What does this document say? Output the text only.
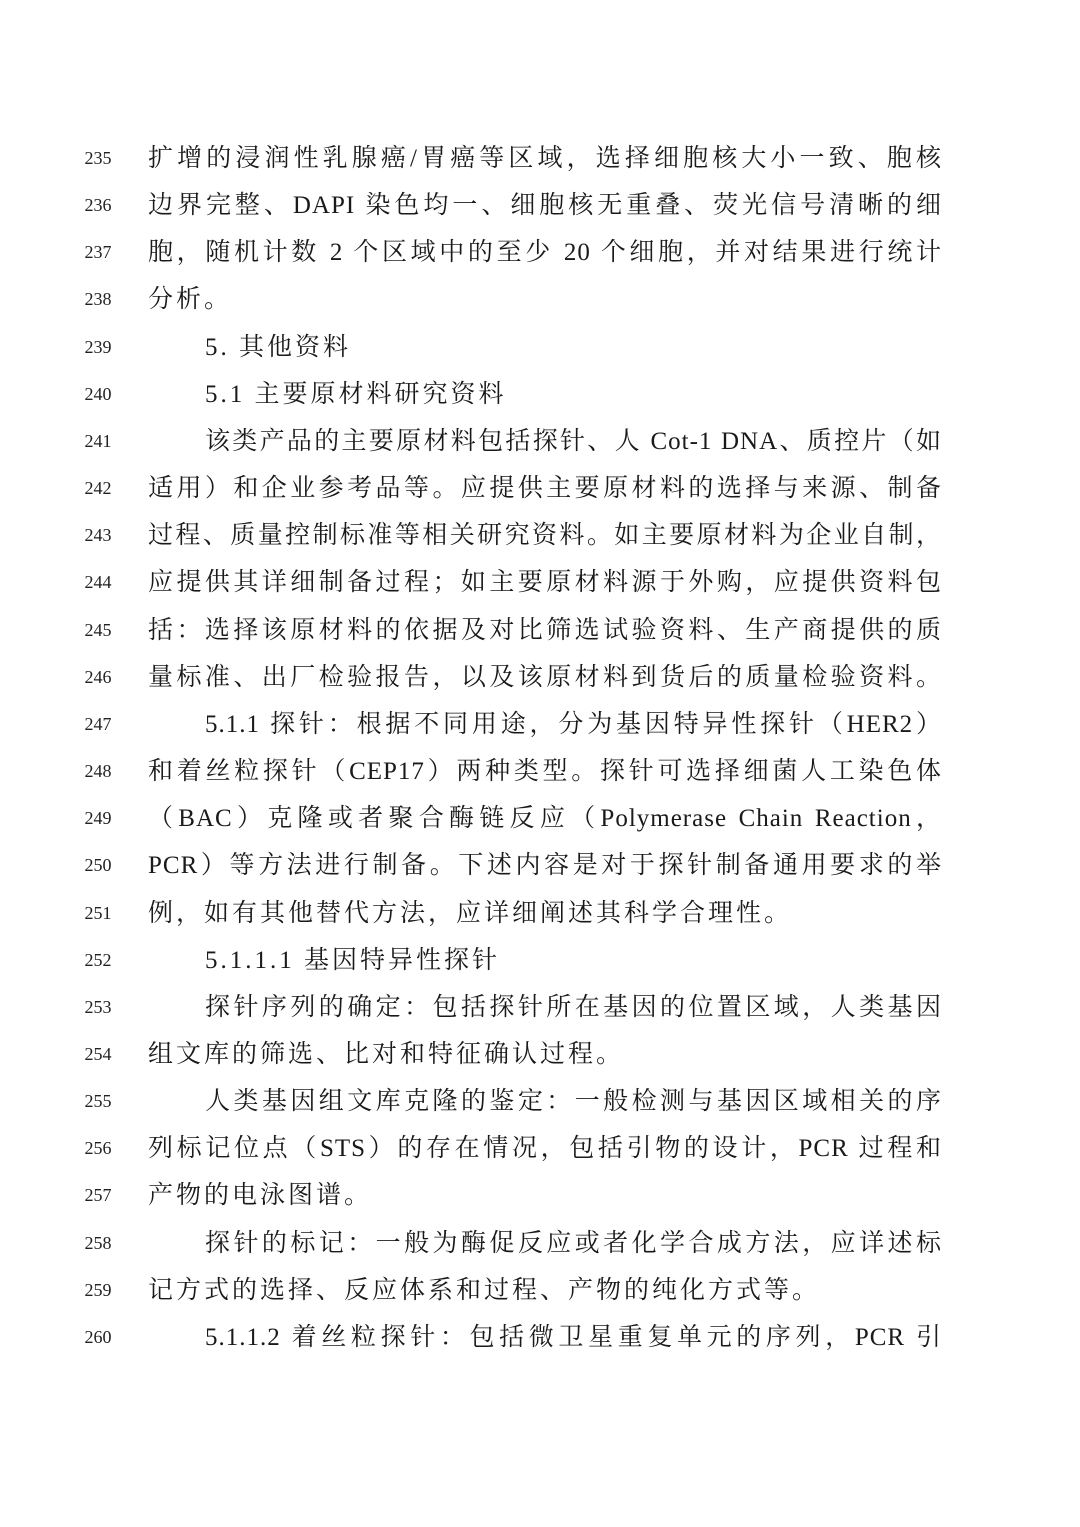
235 扩增的浸润性乳腺癌/胃癌等区域，选择细胞核大小一致、胞核
236 边界完整、DAPI 染色均一、细胞核无重叠、荧光信号清晰的细
237 胞，随机计数 2 个区域中的至少 20 个细胞，并对结果进行统计
238 分析。
239	5. 其他资料
240	5.1 主要原材料研究资料
241	该类产品的主要原材料包括探针、人 Cot-1 DNA、质控片（如
242 适用）和企业参考品等。应提供主要原材料的选择与来源、制备
243 过程、质量控制标准等相关研究资料。如主要原材料为企业自制，
244 应提供其详细制备过程；如主要原材料源于外购，应提供资料包
245 括：选择该原材料的依据及对比筛选试验资料、生产商提供的质
246 量标准、出厂检验报告，以及该原材料到货后的质量检验资料。
247	5.1.1 探针：根据不同用途，分为基因特异性探针（HER2）
248 和着丝粒探针（CEP17）两种类型。探针可选择细菌人工染色体
249 （BAC）克隆或者聚合酶链反应（Polymerase Chain Reaction，
250 PCR）等方法进行制备。下述内容是对于探针制备通用要求的举
251 例，如有其他替代方法，应详细阐述其科学合理性。
252	5.1.1.1 基因特异性探针
253	探针序列的确定：包括探针所在基因的位置区域，人类基因
254 组文库的筛选、比对和特征确认过程。
255	人类基因组文库克隆的鉴定：一般检测与基因区域相关的序
256 列标记位点（STS）的存在情况，包括引物的设计，PCR 过程和
257 产物的电泳图谱。
258	探针的标记：一般为酶促反应或者化学合成方法，应详述标
259 记方式的选择、反应体系和过程、产物的纯化方式等。
260	5.1.1.2 着丝粒探针：包括微卫星重复单元的序列，PCR 引
